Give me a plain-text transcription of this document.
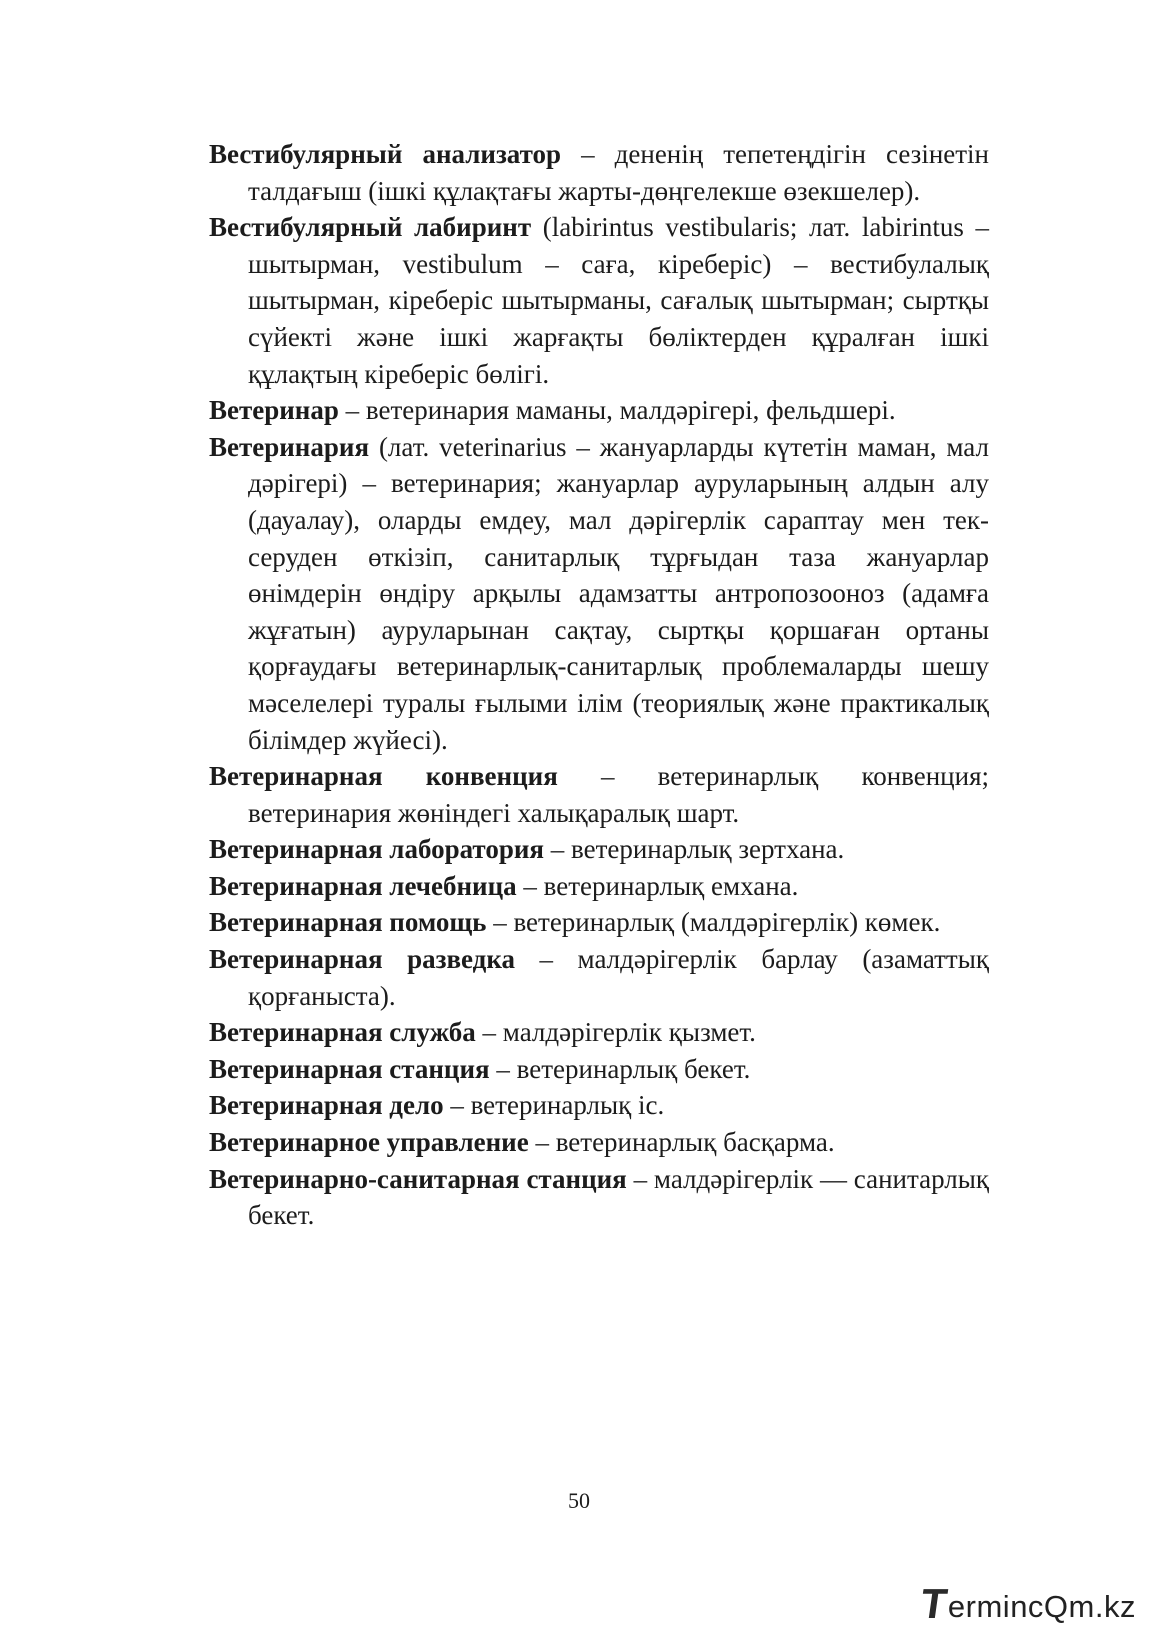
Вестибулярный анализатор – дененің тепетеңдігін сезінетін талдағыш (ішкі құлақтағы жарты-дөңгелекше өзекшелер).
Вестибулярный лабиринт (labirintus vestibularis; лат. labirintus – шытырман, vestibulum – саға, кіреберіс) – вестибулалық шытырман, кіреберіс шытырманы, сағалық шытырман; сыртқы сүйекті және ішкі жарғақты бөліктерден құралған ішкі құлақтың кіреберіс бөлігі.
Ветеринар – ветеринария маманы, малдәрігері, фельдшері.
Ветеринария (лат. veterinarius – жануарларды күтетін маман, мал дәрігері) – ветеринария; жануарлар ауруларының алдын алу (дауалау), оларды емдеу, мал дәрігерлік сараптау мен тексеруден өткізіп, санитарлық тұрғыдан таза жануарлар өнімдерін өндіру арқылы адамзатты антропозооноз (адамға жұғатын) ауруларынан сақтау, сыртқы қоршаған ортаны қорғаудағы ветеринарлық-санитарлық проблемаларды шешу мәселелері туралы ғылыми ілім (теориялық және практикалық білімдер жүйесі).
Ветеринарная конвенция – ветеринарлық конвенция; ветеринария жөніндегі халықаралық шарт.
Ветеринарная лаборатория – ветеринарлық зертхана.
Ветеринарная лечебница – ветеринарлық емхана.
Ветеринарная помощь – ветеринарлық (малдәрігерлік) көмек.
Ветеринарная разведка – малдәрігерлік барлау (азаматтық қорғаныста).
Ветеринарная служба – малдәрігерлік қызмет.
Ветеринарная станция – ветеринарлық бекет.
Ветеринарная дело – ветеринарлық іс.
Ветеринарное управление – ветеринарлық басқарма.
Ветеринарно-санитарная станция – малдәрігерлік — санитарлық бекет.
50
T
ermincQm.kz
